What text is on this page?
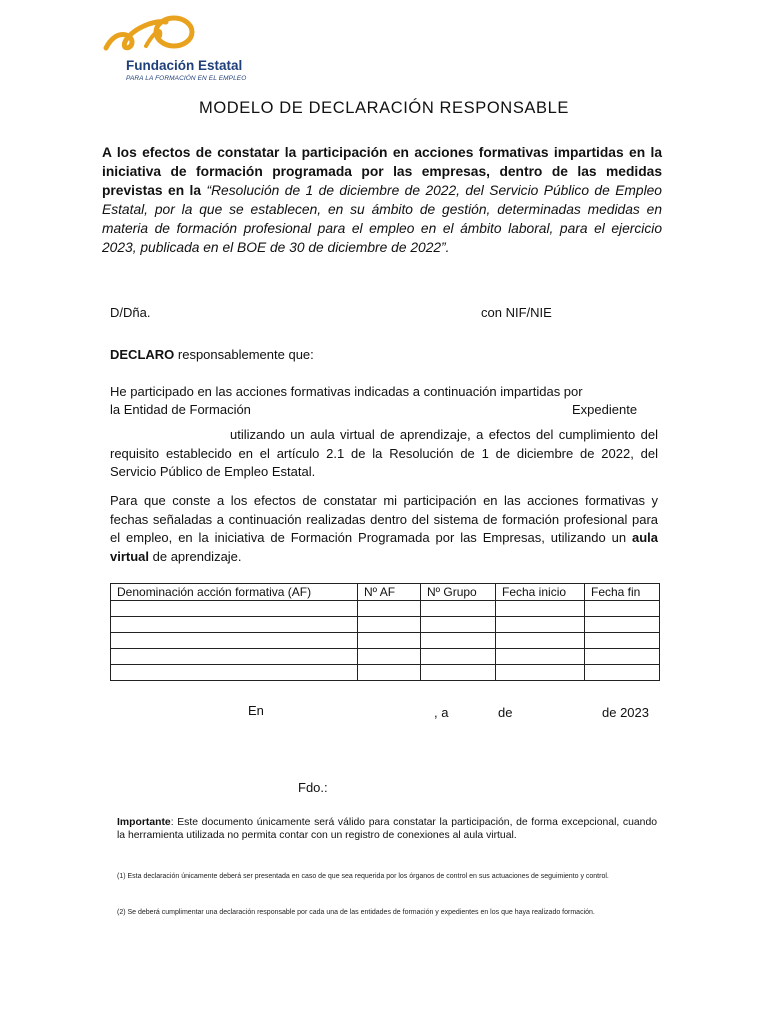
Fundación Estatal
PARA LA FORMACIÓN EN EL EMPLEO
MODELO DE DECLARACIÓN RESPONSABLE
A los efectos de constatar la participación en acciones formativas impartidas en la iniciativa de formación programada por las empresas, dentro de las medidas previstas en la “Resolución de 1 de diciembre de 2022, del Servicio Público de Empleo Estatal, por la que se establecen, en su ámbito de gestión, determinadas medidas en materia de formación profesional para el empleo en el ámbito laboral, para el ejercicio 2023, publicada en el BOE de 30 de diciembre de 2022”.
D/Dña.	con NIF/NIE
DECLARO responsablemente que:
He participado en las acciones formativas indicadas a continuación impartidas por
la Entidad de Formación	Expediente
utilizando un aula virtual de aprendizaje, a efectos del cumplimiento del requisito establecido en el artículo 2.1 de la Resolución de 1 de diciembre de 2022, del Servicio Público de Empleo Estatal.
Para que conste a los efectos de constatar mi participación en las acciones formativas y fechas señaladas a continuación realizadas dentro del sistema de formación profesional para el empleo, en la iniciativa de Formación Programada por las Empresas, utilizando un aula virtual de aprendizaje.
Denominación acción formativa (AF)	Nº AF	Nº Grupo	Fecha inicio	Fecha fin

En	, a	de	de 2023
Fdo.:
Importante: Este documento únicamente será válido para constatar la participación, de forma excepcional, cuando la herramienta utilizada no permita contar con un registro de conexiones al aula virtual.
(1) Esta declaración únicamente deberá ser presentada en caso de que sea requerida por los órganos de control en sus actuaciones de seguimiento y control.
(2) Se deberá cumplimentar una declaración responsable por cada una de las entidades de formación y expedientes en los que haya realizado formación.
